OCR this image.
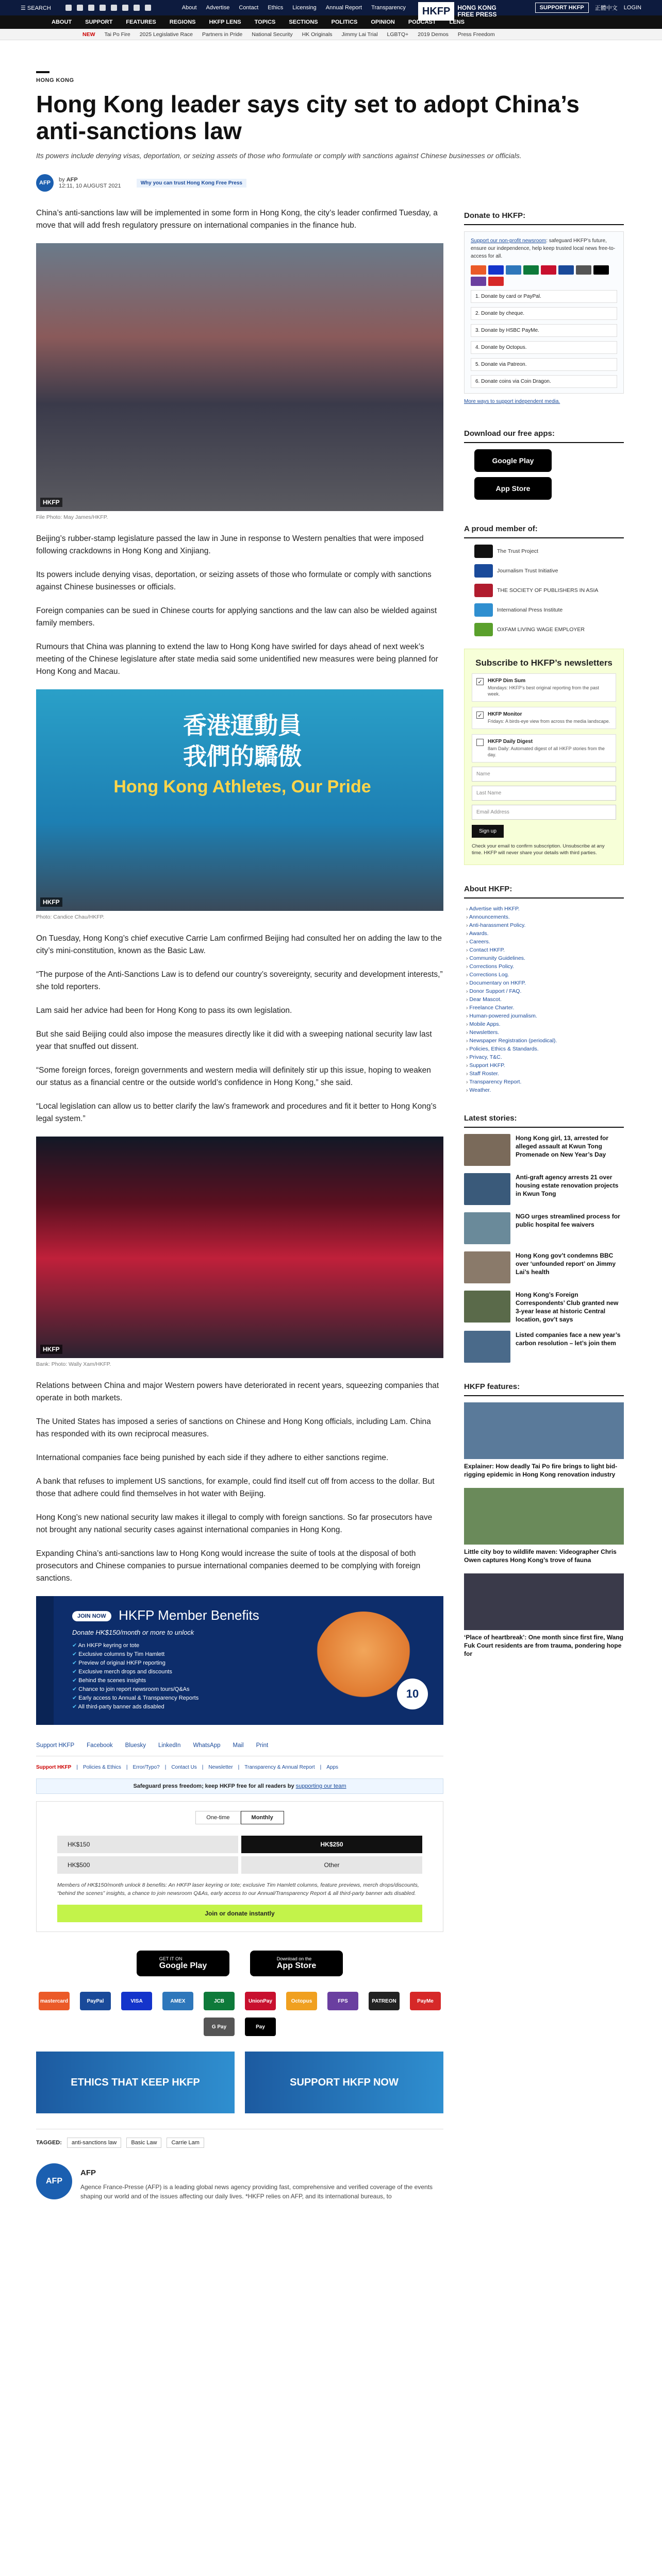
☰ SEARCH	About Advertise Contact Ethics Licensing Annual Report Transparency	HKFP	HONG KONG
FREE PRESS
SUPPORT HKFP	正體中文 LOGIN
ABOUT SUPPORT FEATURES REGIONS HKFP LENS TOPICS SECTIONS POLITICS OPINION PODCAST LENS
NEW Tai Po Fire 2025 Legislative Race Partners in Pride National Security HK Originals Jimmy Lai Trial LGBTQ+ 2019 Demos Press Freedom
HONG KONG
Hong Kong leader says city set to adopt China’s anti-sanctions law
Its powers include denying visas, deportation, or seizing assets of those who formulate or comply with sanctions against Chinese businesses or officials.
AFP	by AFP
12:11, 10 AUGUST 2021	Why you can trust Hong Kong Free Press

China’s anti-sanctions law will be implemented in some form in Hong Kong, the city’s leader confirmed Tuesday, a move that will add fresh regulatory pressure on international companies in the finance hub.

HKFP
File Photo: May James/HKFP.

Beijing’s rubber-stamp legislature passed the law in June in response to Western penalties that were imposed following crackdowns in Hong Kong and Xinjiang.

Its powers include denying visas, deportation, or seizing assets of those who formulate or comply with sanctions against Chinese businesses or officials.

Foreign companies can be sued in Chinese courts for applying sanctions and the law can also be wielded against family members.

Rumours that China was planning to extend the law to Hong Kong have swirled for days ahead of next week’s meeting of the Chinese legislature after state media said some unidentified new measures were being planned for Hong Kong and Macau.

香港運動員
我們的驕傲
Hong Kong Athletes, Our Pride
HKFP
Photo: Candice Chau/HKFP.

On Tuesday, Hong Kong’s chief executive Carrie Lam confirmed Beijing had consulted her on adding the law to the city’s mini-constitution, known as the Basic Law.

“The purpose of the Anti-Sanctions Law is to defend our country’s sovereignty, security and development interests,” she told reporters.

Lam said her advice had been for Hong Kong to pass its own legislation.

But she said Beijing could also impose the measures directly like it did with a sweeping national security law last year that snuffed out dissent.

“Some foreign forces, foreign governments and western media will definitely stir up this issue, hoping to weaken our status as a financial centre or the outside world’s confidence in Hong Kong,” she said.

“Local legislation can allow us to better clarify the law’s framework and procedures and fit it better to Hong Kong’s legal system.”

HKFP
Bank: Photo: Wally Xam/HKFP.

Relations between China and major Western powers have deteriorated in recent years, squeezing companies that operate in both markets.

The United States has imposed a series of sanctions on Chinese and Hong Kong officials, including Lam. China has responded with its own reciprocal measures.

International companies face being punished by each side if they adhere to either sanctions regime.

A bank that refuses to implement US sanctions, for example, could find itself cut off from access to the dollar. But those that adhere could find themselves in hot water with Beijing.

Hong Kong’s new national security law makes it illegal to comply with foreign sanctions. So far prosecutors have not brought any national security cases against international companies in Hong Kong.

Expanding China’s anti-sanctions law to Hong Kong would increase the suite of tools at the disposal of both prosecutors and Chinese companies to pursue international companies deemed to be complying with foreign sanctions.

JOIN NOW HKFP Member Benefits
Donate HK$150/month or more to unlock
✔ An HKFP keyring or tote
✔ Exclusive columns by Tim Hamlett
✔ Preview of original HKFP reporting
✔ Exclusive merch drops and discounts
✔ Behind the scenes insights
✔ Chance to join report newsroom tours/Q&As
✔ Early access to Annual & Transparency Reports
✔ All third-party banner ads disabled
10
Support HKFP Facebook Bluesky LinkedIn WhatsApp Mail Print
Support HKFP | Policies & Ethics | Error/Typo? | Contact Us | Newsletter | Transparency & Annual Report | Apps
Safeguard press freedom; keep HKFP free for all readers by supporting our team
One-time	Monthly
HK$150	HK$250
HK$500	Other
Members of HK$150/month unlock 8 benefits: An HKFP laser keyring or tote; exclusive Tim Hamlett columns, feature previews, merch drops/discounts, “behind the scenes” insights, a chance to join newsroom Q&As, early access to our Annual/Transparency Report & all third-party banner ads disabled.
Join or donate instantly
GET IT ON
Google Play
Download on the
App Store
mastercard	PayPal	VISA	AMEX	JCB	UnionPay	Octopus	FPS	PATREON	PayMe
G Pay	Pay
ETHICS THAT KEEP HKFP	SUPPORT HKFP NOW
TAGGED:	anti-sanctions law	Basic Law	Carrie Lam
AFP
AFP
Agence France-Presse (AFP) is a leading global news agency providing fast, comprehensive and verified coverage of the events shaping our world and of the issues affecting our daily lives. *HKFP relies on AFP, and its international bureaus, to
Donate to HKFP:
Support our non-profit newsroom: safeguard HKFP’s future, ensure our independence, help keep trusted local news free-to-access for all.
1. Donate by card or PayPal.
2. Donate by cheque.
3. Donate by HSBC PayMe.
4. Donate by Octopus.
5. Donate via Patreon.
6. Donate coins via Coin Dragon.
More ways to support independent media.
Download our free apps:
Google Play
App Store
A proud member of:
The Trust Project
Journalism Trust Initiative
THE SOCIETY OF PUBLISHERS IN ASIA
International Press Institute
OXFAM LIVING WAGE EMPLOYER
Subscribe to HKFP’s newsletters
✓ HKFP Dim Sum
Mondays: HKFP’s best original reporting from the past week.
✓ HKFP Monitor
Fridays: A birds-eye view from across the media landscape.
HKFP Daily Digest
8am Daily: Automated digest of all HKFP stories from the day.
Name
Last Name
Email Address
Sign up
Check your email to confirm subscription. Unsubscribe at any time. HKFP will never share your details with third parties.
About HKFP:
› Advertise with HKFP.
› Announcements.
› Anti-harassment Policy.
› Awards.
› Careers.
› Contact HKFP.
› Community Guidelines.
› Corrections Policy.
› Corrections Log.
› Documentary on HKFP.
› Donor Support / FAQ.
› Dear Mascot.
› Freelance Charter.
› Human-powered journalism.
› Mobile Apps.
› Newsletters.
› Newspaper Registration (periodical).
› Policies, Ethics & Standards.
› Privacy, T&C.
› Support HKFP.
› Staff Roster.
› Transparency Report.
› Weather.
Latest stories:
Hong Kong girl, 13, arrested for alleged assault at Kwun Tong Promenade on New Year’s Day
Anti-graft agency arrests 21 over housing estate renovation projects in Kwun Tong
NGO urges streamlined process for public hospital fee waivers
Hong Kong gov’t condemns BBC over ‘unfounded report’ on Jimmy Lai’s health
Hong Kong’s Foreign Correspondents’ Club granted new 3-year lease at historic Central location, gov’t says
Listed companies face a new year’s carbon resolution – let’s join them
HKFP features:
Explainer: How deadly Tai Po fire brings to light bid-rigging epidemic in Hong Kong renovation industry
Little city boy to wildlife maven: Videographer Chris Owen captures Hong Kong’s trove of fauna
‘Place of heartbreak’: One month since first fire, Wang Fuk Court residents are from trauma, pondering hope for
